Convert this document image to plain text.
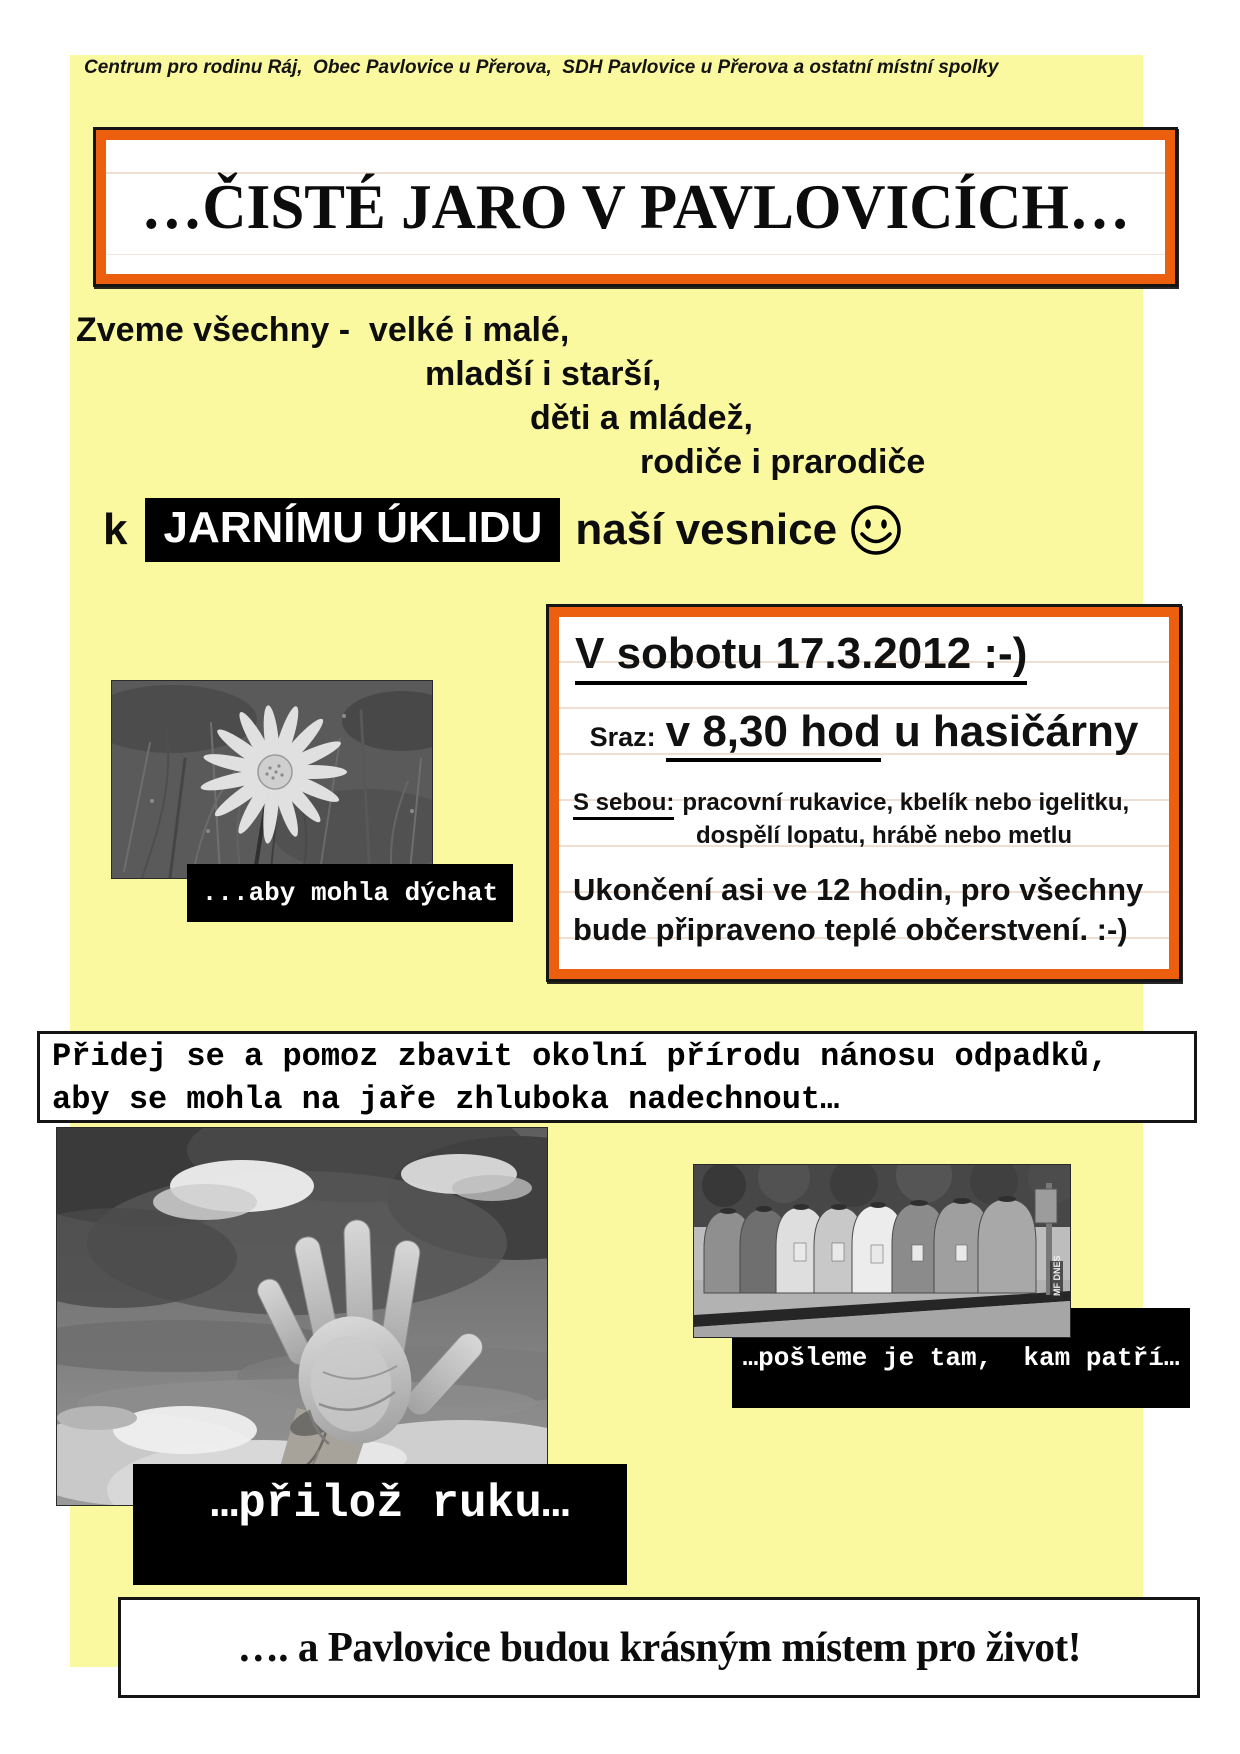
Centrum pro rodinu Ráj,  Obec Pavlovice u Přerova,  SDH Pavlovice u Přerova a ostatní místní spolky
…ČISTÉ JARO V PAVLOVICÍCH…
Zveme všechny -  velké i malé,
mladší i starší,
děti a mládež,
rodiče i prarodiče
k JARNÍMU ÚKLIDU naší vesnice
V sobotu 17.3.2012 :-)
Sraz: v 8,30 hod u hasičárny
S sebou: pracovní rukavice, kbelík nebo igelitku,
dospělí lopatu, hrábě nebo metlu
Ukončení asi ve 12 hodin, pro všechny
bude připraveno teplé občerstvení. :-)
...aby mohla dýchat
Přidej se a pomoz zbavit okolní přírodu nánosu odpadků,
aby se mohla na jaře zhluboka nadechnout…
…pošleme je tam,  kam patří…
MF DNES
…přilož ruku…
…. a Pavlovice budou krásným místem pro život!
